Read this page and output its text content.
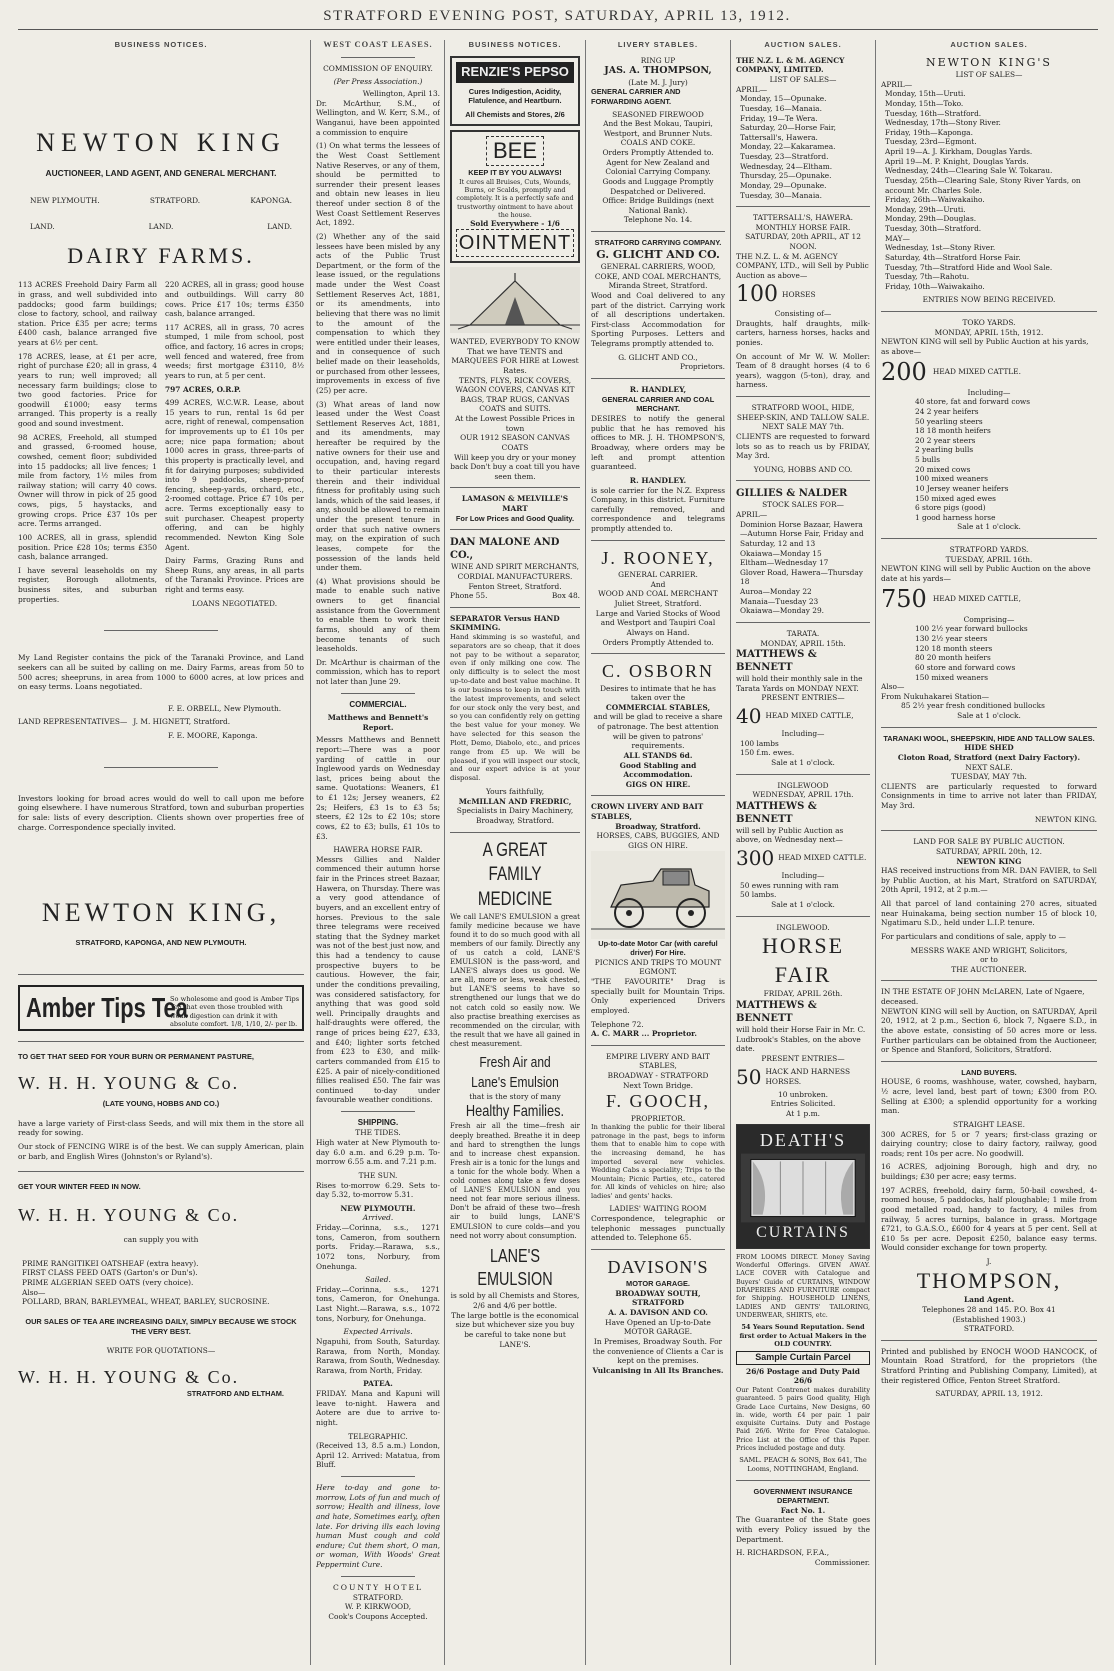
STRATFORD EVENING POST, SATURDAY, APRIL 13, 1912.
BUSINESS NOTICES.
NEWTON KING
AUCTIONEER, LAND AGENT, AND GENERAL MERCHANT.
NEW PLYMOUTH.	STRATFORD.	KAPONGA.
LAND.	LAND.	LAND.
DAIRY FARMS.

113 ACRES Freehold Dairy Farm all in grass, and well subdivided into paddocks; good farm buildings; close to factory, school, and railway station. Price £35 per acre; terms £400 cash, balance arranged five years at 6½ per cent.

178 ACRES, lease, at £1 per acre, right of purchase £20; all in grass, 4 years to run; well improved; all necessary farm buildings; close to two good factories. Price for goodwill £1000; easy terms arranged. This property is a really good and sound investment.

98 ACRES, Freehold, all stumped and grassed, 6-roomed house, cowshed, cement floor; subdivided into 15 paddocks; all live fences; 1 mile from factory, 1½ miles from railway station; will carry 40 cows. Owner will throw in pick of 25 good cows, pigs, 5 haystacks, and growing crops. Price £37 10s per acre. Terms arranged.

100 ACRES, all in grass, splendid position. Price £28 10s; terms £350 cash, balance arranged.

I have several leaseholds on my register, Borough allotments, business sites, and suburban properties.

220 ACRES, all in grass; good house and outbuildings. Will carry 80 cows. Price £17 10s; terms £350 cash, balance arranged.

117 ACRES, all in grass, 70 acres stumped, 1 mile from school, post office, and factory, 16 acres in crops; well fenced and watered, free from weeds; first mortgage £3110, 8½ years to run, at 5 per cent.

797 ACRES, O.R.P.

499 ACRES, W.C.W.R. Lease, about 15 years to run, rental 1s 6d per acre, right of renewal, compensation for improvements up to £1 10s per acre; nice papa formation; about 1000 acres in grass, three-parts of this property is practically level, and fit for dairying purposes; subdivided into 9 paddocks, sheep-proof fencing, sheep-yards, orchard, etc., 2-roomed cottage. Price £7 10s per acre. Terms exceptionally easy to suit purchaser. Cheapest property offering, and can be highly recommended. Newton King Sole Agent.

Dairy Farms, Grazing Runs and Sheep Runs, any areas, in all parts of the Taranaki Province. Prices are right and terms easy.

LOANS NEGOTIATED.

My Land Register contains the pick of the Taranaki Province, and Land seekers can all be suited by calling on me. Dairy Farms, areas from 50 to 500 acres; sheepruns, in area from 1000 to 6000 acres, at low prices and on easy terms. Loans negotiated.

F. E. ORBELL, New Plymouth.
LAND REPRESENTATIVES— J. M. HIGNETT, Stratford.
F. E. MOORE, Kaponga.

Investors looking for broad acres would do well to call upon me before going elsewhere. I have numerous Stratford, town and suburban properties for sale: lists of every description. Clients shown over properties free of charge. Correspondence specially invited.

NEWTON KING,
STRATFORD, KAPONGA, AND NEW PLYMOUTH.
Amber Tips Tea
So wholesome and good is Amber Tips Tea that even those troubled with weak digestion can drink it with absolute comfort. 1/8, 1/10, 2/- per lb.
TO GET THAT SEED FOR YOUR BURN OR PERMANENT PASTURE,
W. H. H. YOUNG & Co.
(LATE YOUNG, HOBBS AND CO.)

have a large variety of First-class Seeds, and will mix them in the store all ready for sowing.

Our stock of FENCING WIRE is of the best. We can supply American, plain or barb, and English Wires (Johnston's or Ryland's).

GET YOUR WINTER FEED IN NOW.
W. H. H. YOUNG & Co.
can supply you with
PRIME RANGITIKEI OATSHEAF (extra heavy).
FIRST CLASS FEED OATS (Garton's or Dun's).
PRIME ALGERIAN SEED OATS (very choice).
Also—
POLLARD, BRAN, BARLEYMEAL, WHEAT, BARLEY, SUCROSINE.
OUR SALES OF TEA ARE INCREASING DAILY, SIMPLY BECAUSE WE STOCK THE VERY BEST.
WRITE FOR QUOTATIONS—
W. H. H. YOUNG & Co.
STRATFORD AND ELTHAM.
WEST COAST LEASES.
COMMISSION OF ENQUIRY.
(Per Press Association.)
Wellington, April 13.

Dr. McArthur, S.M., of Wellington, and W. Kerr, S.M., of Wanganui, have been appointed a commission to enquire

(1) On what terms the lessees of the West Coast Settlement Native Reserves, or any of them, should be permitted to surrender their present leases and obtain new leases in lieu thereof under section 8 of the West Coast Settlement Reserves Act, 1892.

(2) Whether any of the said lessees have been misled by any acts of the Public Trust Department, or the form of the lease issued, or the regulations made under the West Coast Settlement Reserves Act, 1881, or its amendments, into believing that there was no limit to the amount of the compensation to which they were entitled under their leases, and in consequence of such belief made on their leaseholds, or purchased from other lessees, improvements in excess of five (25) per acre.

(3) What areas of land now leased under the West Coast Settlement Reserves Act, 1881, and its amendments, may hereafter be required by the native owners for their use and occupation, and, having regard to their particular interests therein and their individual fitness for profitably using such lands, which of the said leases, if any, should be allowed to remain under the present tenure in order that such native owners may, on the expiration of such leases, compete for the possession of the lands held under them.

(4) What provisions should be made to enable such native owners to get financial assistance from the Government to enable them to work their farms, should any of them become tenants of such leaseholds.

Dr. McArthur is chairman of the commission, which has to report not later than June 29.

COMMERCIAL.
Matthews and Bennett's Report.

Messrs Matthews and Bennett report:—There was a poor yarding of cattle in our Inglewood yards on Wednesday last, prices being about the same. Quotations: Weaners, £1 to £1 12s; Jersey weaners, £2 2s; Heifers, £3 1s to £3 5s; steers, £2 12s to £2 10s; store cows, £2 to £3; bulls, £1 10s to £3.

HAWERA HORSE FAIR.

Messrs Gillies and Nalder commenced their autumn horse fair in the Princes street Bazaar, Hawera, on Thursday. There was a very good attendance of buyers, and an excellent entry of horses. Previous to the sale three telegrams were received stating that the Sydney market was not of the best just now, and this had a tendency to cause prospective buyers to be cautious. However, the fair, under the conditions prevailing, was considered satisfactory, for anything that was good sold well. Principally draughts and half-draughts were offered, the range of prices being £27, £33, and £40; lighter sorts fetched from £23 to £30, and milk-carters commanded from £15 to £25. A pair of nicely-conditioned fillies realised £50. The fair was continued to-day under favourable weather conditions.

SHIPPING.
THE TIDES.

High water at New Plymouth to-day 6.0 a.m. and 6.29 p.m. To-morrow 6.55 a.m. and 7.21 p.m.

THE SUN.

Rises to-morrow 6.29. Sets to-day 5.32, to-morrow 5.31.

NEW PLYMOUTH.
Arrived.

Friday.—Corinna, s.s., 1271 tons, Cameron, from southern ports. Friday.—Rarawa, s.s., 1072 tons, Norbury, from Onehunga.

Sailed.

Friday.—Corinna, s.s., 1271 tons, Cameron, for Onehunga. Last Night.—Rarawa, s.s., 1072 tons, Norbury, for Onehunga.

Expected Arrivals.

Ngapuhi, from South, Saturday. Rarawa, from North, Monday. Rarawa, from South, Wednesday. Rarawa, from North, Friday.

PATEA.

FRIDAY. Mana and Kapuni will leave to-night. Hawera and Aotere are due to arrive to-night.

TELEGRAPHIC.

(Received 13, 8.5 a.m.) London, April 12. Arrived: Matatua, from Bluff.

Here to-day and gone to-morrow, Lots of fun and much of sorrow; Health and illness, love and hate, Sometimes early, often late. For driving ills each loving human Must cough and cold endure; Cut them short, O man, or woman, With Woods' Great Peppermint Cure.

COUNTY HOTEL
STRATFORD.
W. P. KIRKWOOD,
Cook's Coupons Accepted.
BUSINESS NOTICES.
RENZIE'S PEPSO
Cures Indigestion, Acidity, Flatulence, and Heartburn.
All Chemists and Stores, 2/6
BEE
KEEP IT BY YOU ALWAYS!
It cures all Bruises, Cuts, Wounds, Burns, or Scalds, promptly and completely. It is a perfectly safe and trustworthy ointment to have about the house.
Sold Everywhere - 1/6
OINTMENT
WANTED, EVERYBODY TO KNOW
That we have TENTS and MARQUEES FOR HIRE at Lowest Rates.
TENTS, FLYS, RICK COVERS, WAGON COVERS, CANVAS KIT BAGS, TRAP RUGS, CANVAS COATS and SUITS.
At the Lowest Possible Prices in town
OUR 1912 SEASON CANVAS COATS
Will keep you dry or your money back Don't buy a coat till you have seen them.
LAMASON & MELVILLE'S MART
For Low Prices and Good Quality.
DAN MALONE AND CO.,
WINE AND SPIRIT MERCHANTS,
CORDIAL MANUFACTURERS.
Fenton Street, Stratford.
Phone 55.	Box 48.
SEPARATOR Versus HAND SKIMMING.

Hand skimming is so wasteful, and separators are so cheap, that it does not pay to be without a separator, even if only milking one cow. The only difficulty is to select the most up-to-date and best value machine. It is our business to keep in touch with the latest improvements, and select for our stock only the very best, and so you can confidently rely on getting the best value for your money. We have selected for this season the Plott, Demo, Diabolo, etc., and prices range from £5 up. We will be pleased, if you will inspect our stock, and our expert advice is at your disposal.

Yours faithfully,
McMILLAN AND FREDRIC,
Specialists in Dairy Machinery,
Broadway, Stratford.
A GREAT FAMILY MEDICINE

We call LANE'S EMULSION a great family medicine because we have found it to do so much good with all members of our family. Directly any of us catch a cold, LANE'S EMULSION is the pass-word, and LANE'S always does us good. We are all, more or less, weak chested, but LANE'S seems to have so strengthened our lungs that we do not catch cold so easily now. We also practise breathing exercises as recommended on the circular, with the result that we have all gained in chest measurement.

Fresh Air and Lane's Emulsion
that is the story of many
Healthy Families.

Fresh air all the time—fresh air deeply breathed. Breathe it in deep and hard to strengthen the lungs and to increase chest expansion. Fresh air is a tonic for the lungs and a tonic for the whole body. When a cold comes along take a few doses of LANE'S EMULSION and you need not fear more serious illness. Don't be afraid of these two—fresh air to build lungs, LANE'S EMULSION to cure colds—and you need not worry about consumption.

LANE'S EMULSION
is sold by all Chemists and Stores, 2/6 and 4/6 per bottle.
The large bottle is the economical size but whichever size you buy be careful to take none but LANE'S.
LIVERY STABLES.
RING UP
JAS. A. THOMPSON,
(Late M. J. Jury)
GENERAL CARRIER AND FORWARDING AGENT.
SEASONED FIREWOOD
And the Best Mokau, Taupiri, Westport, and Brunner Nuts.
COALS AND COKE.
Orders Promptly Attended to.
Agent for New Zealand and Colonial Carrying Company.
Goods and Luggage Promptly Despatched or Delivered.
Office: Bridge Buildings (next National Bank).
Telephone No. 14.
STRATFORD CARRYING COMPANY.
G. GLICHT AND CO.
GENERAL CARRIERS, WOOD, COKE, AND COAL MERCHANTS,
Miranda Street, Stratford.

Wood and Coal delivered to any part of the district. Carrying work of all descriptions undertaken. First-class Accommodation for Sporting Purposes. Letters and Telegrams promptly attended to.

G. GLICHT AND CO.,
Proprietors.
R. HANDLEY,
GENERAL CARRIER AND COAL MERCHANT.

DESIRES to notify the general public that he has removed his offices to MR. J. H. THOMPSON'S, Broadway, where orders may be left and prompt attention guaranteed.

R. HANDLEY.

is sole carrier for the N.Z. Express Company, in this district. Furniture carefully removed, and correspondence and telegrams promptly attended to.

J. ROONEY,
GENERAL CARRIER.
And
WOOD AND COAL MERCHANT
Juliet Street, Stratford.
Large and Varied Stocks of Wood and Westport and Taupiri Coal Always on Hand.
Orders Promptly Attended to.
C. OSBORN
Desires to intimate that he has taken over the
COMMERCIAL STABLES,
and will be glad to receive a share of patronage. The best attention will be given to patrons' requirements.
ALL STANDS 6d.
Good Stabling and Accommodation.
GIGS ON HIRE.
CROWN LIVERY AND BAIT STABLES,
Broadway, Stratford.
HORSES, CABS, BUGGIES, AND GIGS ON HIRE.
Up-to-date Motor Car (with careful driver) For Hire.
PICNICS AND TRIPS TO MOUNT EGMONT.

"THE FAVOURITE" Drag is specially built for Mountain Trips. Only experienced Drivers employed.

Telephone 72.
A. C. MARR ... Proprietor.
EMPIRE LIVERY AND BAIT STABLES,
BROADWAY - STRATFORD
Next Town Bridge.
F. GOOCH,
PROPRIETOR.

In thanking the public for their liberal patronage in the past, begs to inform them that to enable him to cope with the increasing demand, he has imported several new vehicles. Wedding Cabs a speciality; Trips to the Mountain; Picnic Parties, etc., catered for. All kinds of vehicles on hire; also ladies' and gents' hacks.

LADIES' WAITING ROOM

Correspondence, telegraphic or telephonic messages punctually attended to. Telephone 65.

DAVISON'S
MOTOR GARAGE.
BROADWAY SOUTH, STRATFORD
A. A. DAVISON AND CO.
Have Opened an Up-to-Date
MOTOR GARAGE.
In Premises, Broadway South. For the convenience of Clients a Car is kept on the premises.
Vulcanising in All Its Branches.
AUCTION SALES.
THE N.Z. L. & M. AGENCY COMPANY, LIMITED.
LIST OF SALES—
APRIL—
Monday, 15—Opunake.
Tuesday, 16—Manaia.
Friday, 19—Te Wera.
Saturday, 20—Horse Fair, Tattersall's, Hawera.
Monday, 22—Kakaramea.
Tuesday, 23—Stratford.
Wednesday, 24—Eltham.
Thursday, 25—Opunake.
Monday, 29—Opunake.
Tuesday, 30—Manaia.
TATTERSALL'S, HAWERA.
MONTHLY HORSE FAIR.
SATURDAY, 20th APRIL, AT 12 NOON.
THE N.Z. L. & M. AGENCY COMPANY, LTD., will Sell by Public Auction as above—
100 HORSES
Consisting of—

Draughts, half draughts, milk-carters, harness horses, hacks and ponies.

On account of Mr W. W. Moller: Team of 8 draught horses (4 to 6 years), waggon (5-ton), dray, and harness.

STRATFORD WOOL, HIDE, SHEEP-SKIN, AND TALLOW SALE.
NEXT SALE MAY 7th.

CLIENTS are requested to forward lots so as to reach us by FRIDAY, May 3rd.

YOUNG, HOBBS AND CO.
GILLIES & NALDER
STOCK SALES FOR—
APRIL—
Dominion Horse Bazaar, Hawera—Autumn Horse Fair, Friday and Saturday, 12 and 13
Okaiawa—Monday 15
Eltham—Wednesday 17
Glover Road, Hawera—Thursday 18
Auroa—Monday 22
Manaia—Tuesday 23
Okaiawa—Monday 29.
TARATA.
MONDAY, APRIL 15th.
MATTHEWS & BENNETT
will hold their monthly sale in the Tarata Yards on MONDAY NEXT.
PRESENT ENTRIES—
40 HEAD MIXED CATTLE,
Including—
100 lambs
150 f.m. ewes.
Sale at 1 o'clock.
INGLEWOOD
WEDNESDAY, APRIL 17th.
MATTHEWS & BENNETT
will sell by Public Auction as above, on Wednesday next—
300 HEAD MIXED CATTLE.
Including—
50 ewes running with ram
50 lambs.
Sale at 1 o'clock.
INGLEWOOD.
HORSE FAIR
FRIDAY, APRIL 26th.
MATTHEWS & BENNETT
will hold their Horse Fair in Mr. C. Ludbrook's Stables, on the above date.
PRESENT ENTRIES—
50 HACK AND HARNESS HORSES.
10 unbroken.
Entries Solicited.
At 1 p.m.
DEATH'S
CURTAINS

FROM LOOMS DIRECT. Money Saving Wonderful Offerings. GIVEN AWAY. LACE COVER with Catalogue and Buyers' Guide of CURTAINS, WINDOW DRAPERIES AND FURNITURE compact for Shipping. HOUSEHOLD LINENS, LADIES AND GENTS' TAILORING, UNDERWEAR, SHIRTS, etc.

54 Years Sound Reputation. Send first order to Actual Makers in the OLD COUNTRY.
Sample Curtain Parcel
26/6 Postage and Duty Paid 26/6

Our Patent Contrenet makes durability guaranteed. 5 pairs Good quality, High Grade Lace Curtains, New Designs, 60 in. wide, worth £4 per pair. 1 pair exquisite Curtains. Duty and Postage Paid 26/6. Write for Free Catalogue. Price List at the Office of this Paper. Prices included postage and duty.

SAML. PEACH & SONS, Box 641, The Looms, NOTTINGHAM, England.
GOVERNMENT INSURANCE DEPARTMENT.
Fact No. 1.

The Guarantee of the State goes with every Policy issued by the Department.

H. RICHARDSON, F.F.A.,
Commissioner.
AUCTION SALES.
NEWTON KING'S
LIST OF SALES—
APRIL—
Monday, 15th—Uruti.
Monday, 15th—Toko.
Tuesday, 16th—Stratford.
Wednesday, 17th—Stony River.
Friday, 19th—Kaponga.
Tuesday, 23rd—Egmont.
April 19—A. J. Kirkham, Douglas Yards.
April 19—M. P. Knight, Douglas Yards.
Wednesday, 24th—Clearing Sale W. Tokarau.
Tuesday, 25th—Clearing Sale, Stony River Yards, on account Mr. Charles Sole.
Friday, 26th—Waiwakaiho.
Monday, 29th—Uruti.
Monday, 29th—Douglas.
Tuesday, 30th—Stratford.
MAY—
Wednesday, 1st—Stony River.
Saturday, 4th—Stratford Horse Fair.
Tuesday, 7th—Stratford Hide and Wool Sale.
Tuesday, 7th—Rahotu.
Friday, 10th—Waiwakaiho.
ENTRIES NOW BEING RECEIVED.
TOKO YARDS.
MONDAY, APRIL 15th, 1912.
NEWTON KING will sell by Public Auction at his yards, as above—
200 HEAD MIXED CATTLE.
Including—
40 store, fat and forward cows
24 2 year heifers
50 yearling steers
18 18 month heifers
20 2 year steers
2 yearling bulls
5 bulls
20 mixed cows
100 mixed weaners
10 Jersey weaner heifers
150 mixed aged ewes
6 store pigs (good)
1 good harness horse
Sale at 1 o'clock.
STRATFORD YARDS.
TUESDAY, APRIL 16th.
NEWTON KING will sell by Public Auction on the above date at his yards—
750 HEAD MIXED CATTLE,
Comprising—
100 2½ year forward bullocks
130 2½ year steers
120 18 month steers
80 20 month heifers
60 store and forward cows
150 mixed weaners
Also—
From Nukuhakarei Station—
85 2½ year fresh conditioned bullocks
Sale at 1 o'clock.
TARANAKI WOOL, SHEEPSKIN, HIDE AND TALLOW SALES.
HIDE SHED
Cloton Road, Stratford (next Dairy Factory).
NEXT SALE.
TUESDAY, MAY 7th.

CLIENTS are particularly requested to forward Consignments in time to arrive not later than FRIDAY, May 3rd.

NEWTON KING.
LAND FOR SALE BY PUBLIC AUCTION.
SATURDAY, APRIL 20th, 12.
NEWTON KING

HAS received instructions from MR. DAN FAVIER, to Sell by Public Auction, at his Mart, Stratford on SATURDAY, 20th April, 1912, at 2 p.m.—

All that parcel of land containing 270 acres, situated near Huinakama, being section number 15 of block 10, Ngatimaru S.D., held under L.I.P. tenure.

For particulars and conditions of sale, apply to —

MESSRS WAKE AND WRIGHT, Solicitors,
or to
THE AUCTIONEER.
IN THE ESTATE OF JOHN McLAREN, Late of Ngaere, deceased.

NEWTON KING will sell by Auction, on SATURDAY, April 20, 1912, at 2 p.m., Section 6, block 7, Ngaere S.D., in the above estate, consisting of 50 acres more or less. Further particulars can be obtained from the Auctioneer, or Spence and Stanford, Solicitors, Stratford.

LAND BUYERS.

HOUSE, 6 rooms, washhouse, water, cowshed, haybarn, ½ acre, level land, best part of town; £300 from P.O. Selling at £300; a splendid opportunity for a working man.

STRAIGHT LEASE.

300 ACRES, for 5 or 7 years; first-class grazing or dairying country; close to dairy factory, railway, good roads; rent 10s per acre. No goodwill.

16 ACRES, adjoining Borough, high and dry, no buildings; £30 per acre; easy terms.

197 ACRES, freehold, dairy farm, 50-bail cowshed, 4-roomed house, 5 paddocks, half ploughable; 1 mile from good metalled road, handy to factory, 4 miles from railway, 5 acres turnips, balance in grass. Mortgage £721, to G.A.S.O., £600 for 4 years at 5 per cent. Sell at £10 5s per acre. Deposit £250, balance easy terms. Would consider exchange for town property.

J.
THOMPSON,
Land Agent.
Telephones 28 and 145. P.O. Box 41
(Established 1903.)
STRATFORD.

Printed and published by ENOCH WOOD HANCOCK, of Mountain Road Stratford, for the proprietors (the Stratford Printing and Publishing Company, Limited), at their registered Office, Fenton Street Stratford.

SATURDAY, APRIL 13, 1912.
